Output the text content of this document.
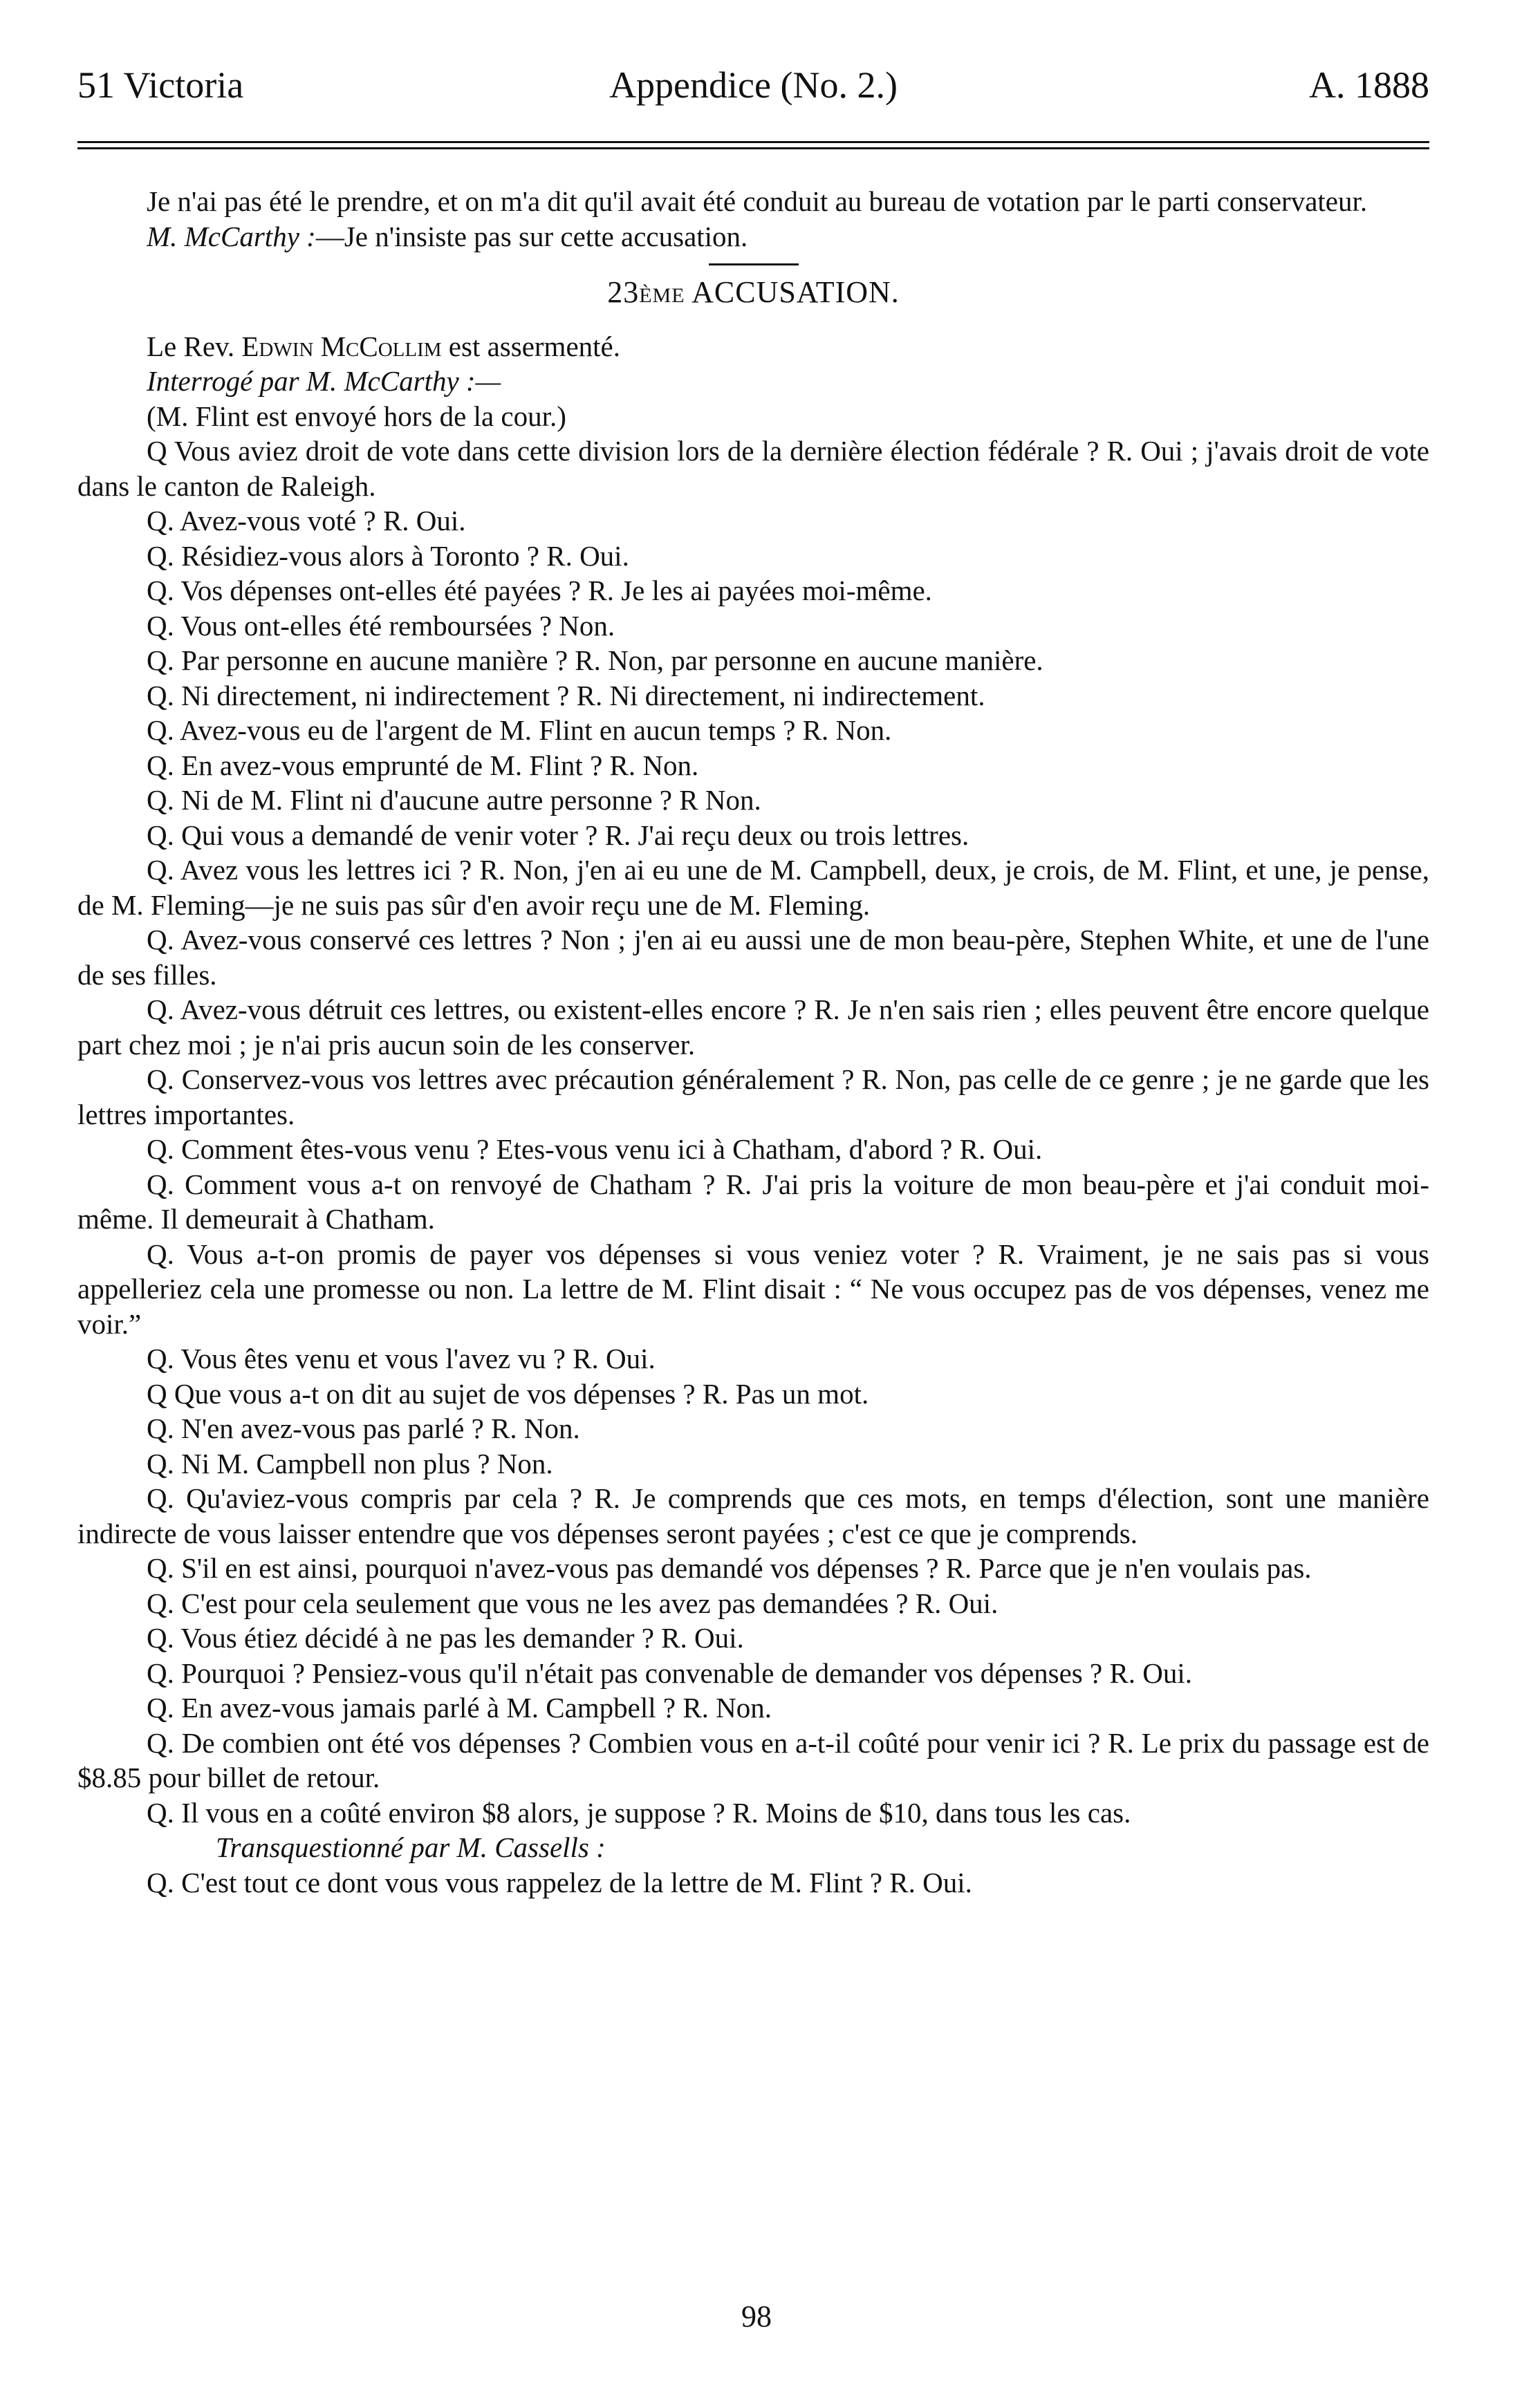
51 Victoria	Appendice (No. 2.)	A. 1888

Je n'ai pas été le prendre, et on m'a dit qu'il avait été conduit au bureau de votation par le parti conservateur.

M. McCarthy :—Je n'insiste pas sur cette accusation.

23ÈME ACCUSATION.

Le Rev. Edwin McCollim est assermenté.

Interrogé par M. McCarthy :—

(M. Flint est envoyé hors de la cour.)

Q Vous aviez droit de vote dans cette division lors de la dernière élection fédérale ? R. Oui ; j'avais droit de vote dans le canton de Raleigh.

Q. Avez-vous voté ? R. Oui.

Q. Résidiez-vous alors à Toronto ? R. Oui.

Q. Vos dépenses ont-elles été payées ? R. Je les ai payées moi-même.

Q. Vous ont-elles été remboursées ? Non.

Q. Par personne en aucune manière ? R. Non, par personne en aucune manière.

Q. Ni directement, ni indirectement ? R. Ni directement, ni indirectement.

Q. Avez-vous eu de l'argent de M. Flint en aucun temps ? R. Non.

Q. En avez-vous emprunté de M. Flint ? R. Non.

Q. Ni de M. Flint ni d'aucune autre personne ? R Non.

Q. Qui vous a demandé de venir voter ? R. J'ai reçu deux ou trois lettres.

Q. Avez vous les lettres ici ? R. Non, j'en ai eu une de M. Campbell, deux, je crois, de M. Flint, et une, je pense, de M. Fleming—je ne suis pas sûr d'en avoir reçu une de M. Fleming.

Q. Avez-vous conservé ces lettres ? Non ; j'en ai eu aussi une de mon beau-père, Stephen White, et une de l'une de ses filles.

Q. Avez-vous détruit ces lettres, ou existent-elles encore ? R. Je n'en sais rien ; elles peuvent être encore quelque part chez moi ; je n'ai pris aucun soin de les conserver.

Q. Conservez-vous vos lettres avec précaution généralement ? R. Non, pas celle de ce genre ; je ne garde que les lettres importantes.

Q. Comment êtes-vous venu ? Etes-vous venu ici à Chatham, d'abord ? R. Oui.

Q. Comment vous a-t on renvoyé de Chatham ? R. J'ai pris la voiture de mon beau-père et j'ai conduit moi-même. Il demeurait à Chatham.

Q. Vous a-t-on promis de payer vos dépenses si vous veniez voter ? R. Vraiment, je ne sais pas si vous appelleriez cela une promesse ou non. La lettre de M. Flint disait : “ Ne vous occupez pas de vos dépenses, venez me voir.”

Q. Vous êtes venu et vous l'avez vu ? R. Oui.

Q Que vous a-t on dit au sujet de vos dépenses ? R. Pas un mot.

Q. N'en avez-vous pas parlé ? R. Non.

Q. Ni M. Campbell non plus ? Non.

Q. Qu'aviez-vous compris par cela ? R. Je comprends que ces mots, en temps d'élection, sont une manière indirecte de vous laisser entendre que vos dépenses seront payées ; c'est ce que je comprends.

Q. S'il en est ainsi, pourquoi n'avez-vous pas demandé vos dépenses ? R. Parce que je n'en voulais pas.

Q. C'est pour cela seulement que vous ne les avez pas demandées ? R. Oui.

Q. Vous étiez décidé à ne pas les demander ? R. Oui.

Q. Pourquoi ? Pensiez-vous qu'il n'était pas convenable de demander vos dépenses ? R. Oui.

Q. En avez-vous jamais parlé à M. Campbell ? R. Non.

Q. De combien ont été vos dépenses ? Combien vous en a-t-il coûté pour venir ici ? R. Le prix du passage est de $8.85 pour billet de retour.

Q. Il vous en a coûté environ $8 alors, je suppose ? R. Moins de $10, dans tous les cas.

Transquestionné par M. Cassells :

Q. C'est tout ce dont vous vous rappelez de la lettre de M. Flint ? R. Oui.

98
